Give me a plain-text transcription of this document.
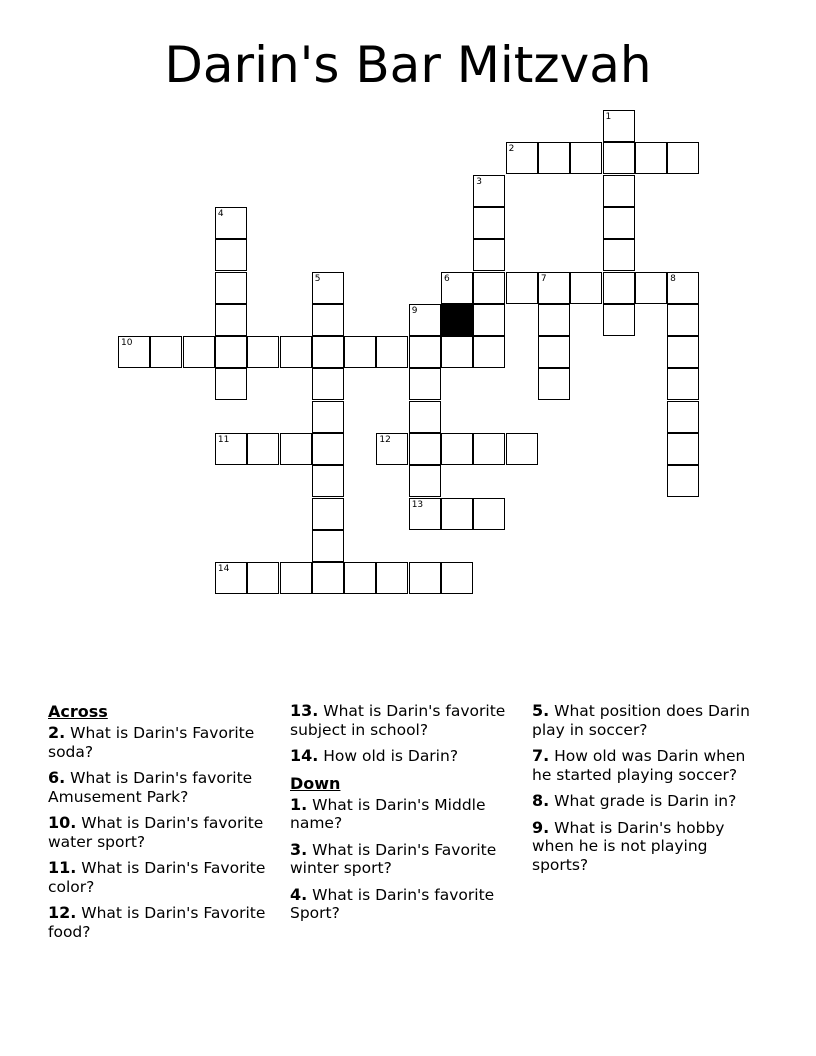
Darin's Bar Mitzvah
2
6	7	8
10
11	12
13
14
1
3
4
5
9
Across

2. What is Darin's Favorite soda?

6. What is Darin's favorite Amusement Park?

10. What is Darin's favorite water sport?

11. What is Darin's Favorite color?

12. What is Darin's Favorite food?

13. What is Darin's favorite subject in school?

14. How old is Darin?

Down

1. What is Darin's Middle name?

3. What is Darin's Favorite winter sport?

4. What is Darin's favorite Sport?

5. What position does Darin play in soccer?

7. How old was Darin when he started playing soccer?

8. What grade is Darin in?

9. What is Darin's hobby when he is not playing sports?
